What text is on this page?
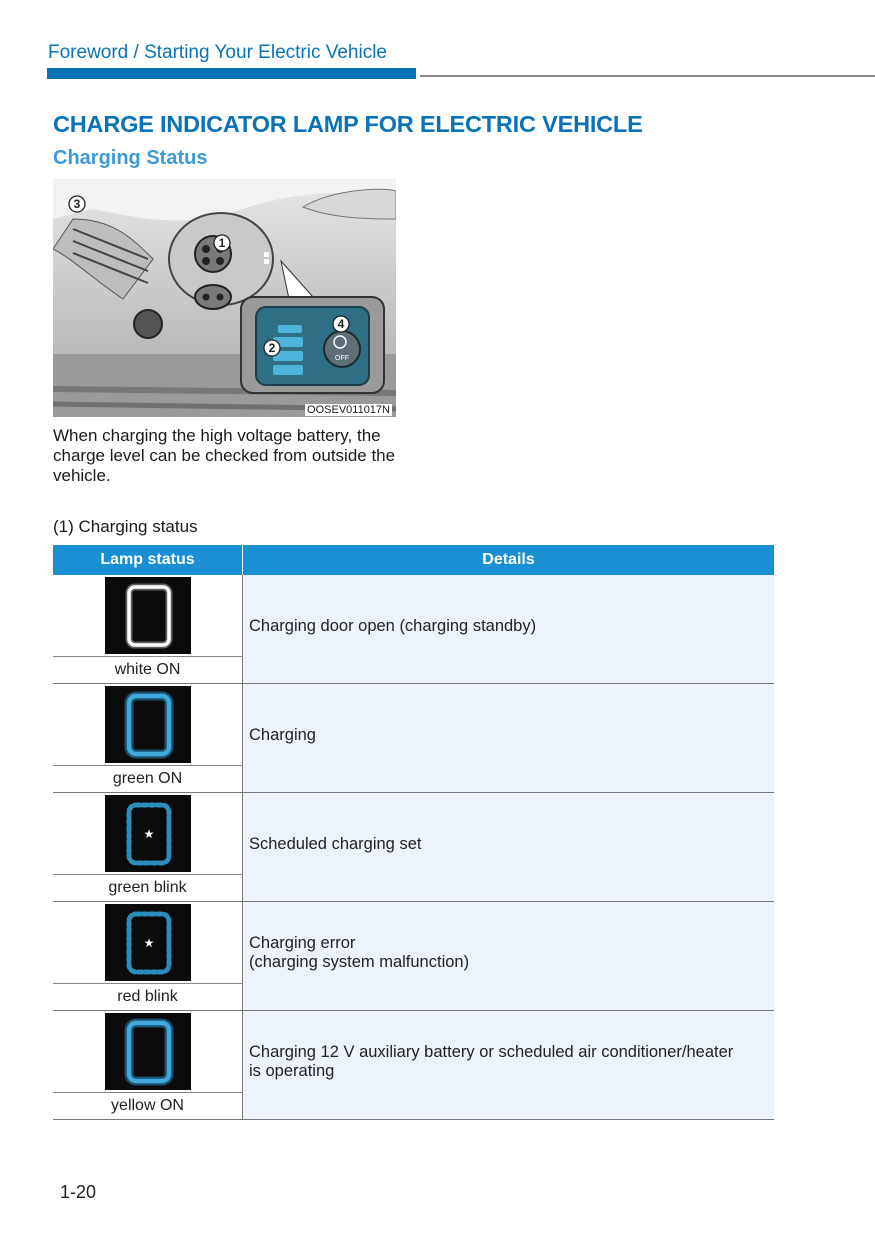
Foreword / Starting Your Electric Vehicle
CHARGE INDICATOR LAMP FOR ELECTRIC VEHICLE
Charging Status
OFF
3
1
2
4
OOSEV011017N
When charging the high voltage battery, the charge level can be checked from outside the vehicle.
(1) Charging status
Lamp status	Details
white ON
Charging door open (charging standby)
green ON
Charging
★
green blink
Scheduled charging set
★
red blink
Charging error
(charging system malfunction)
yellow ON
Charging 12 V auxiliary battery or scheduled air conditioner/heater
is operating
1-20
